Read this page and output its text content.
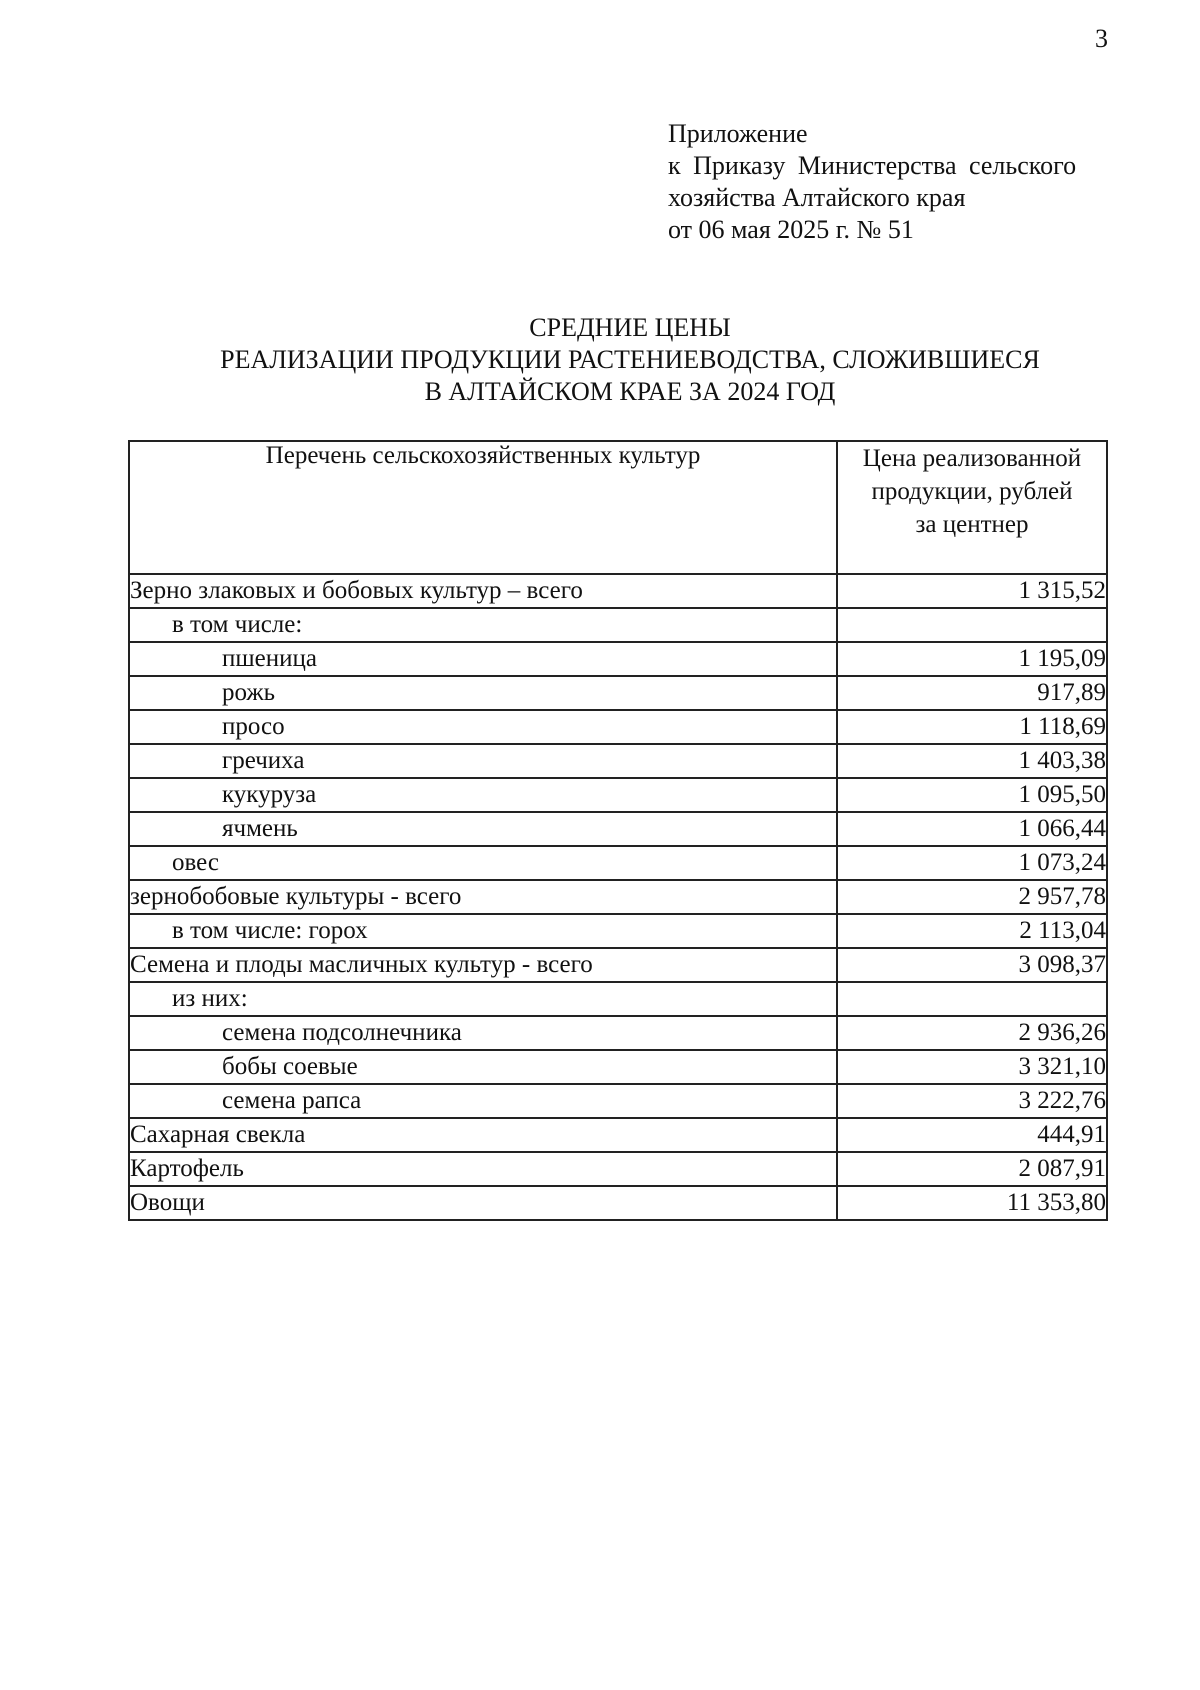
3
Приложение
к Приказу Министерства сельского
хозяйства Алтайского края
от 06 мая 2025 г. № 51
СРЕДНИЕ ЦЕНЫ
РЕАЛИЗАЦИИ ПРОДУКЦИИ РАСТЕНИЕВОДСТВА, СЛОЖИВШИЕСЯ
В АЛТАЙСКОМ КРАЕ ЗА 2024 ГОД
Перечень сельскохозяйственных культур	Цена реализованной
продукции, рублей
за центнер

Зерно злаковых и бобовых культур – всего	1 315,52
в том числе:	
пшеница	1 195,09
рожь	917,89
просо	1 118,69
гречиха	1 403,38
кукуруза	1 095,50
ячмень	1 066,44
овес	1 073,24
зернобобовые культуры - всего	2 957,78
в том числе: горох	2 113,04
Семена и плоды масличных культур - всего	3 098,37
из них:	
семена подсолнечника	2 936,26
бобы соевые	3 321,10
семена рапса	3 222,76
Сахарная свекла	444,91
Картофель	2 087,91
Овощи	11 353,80
